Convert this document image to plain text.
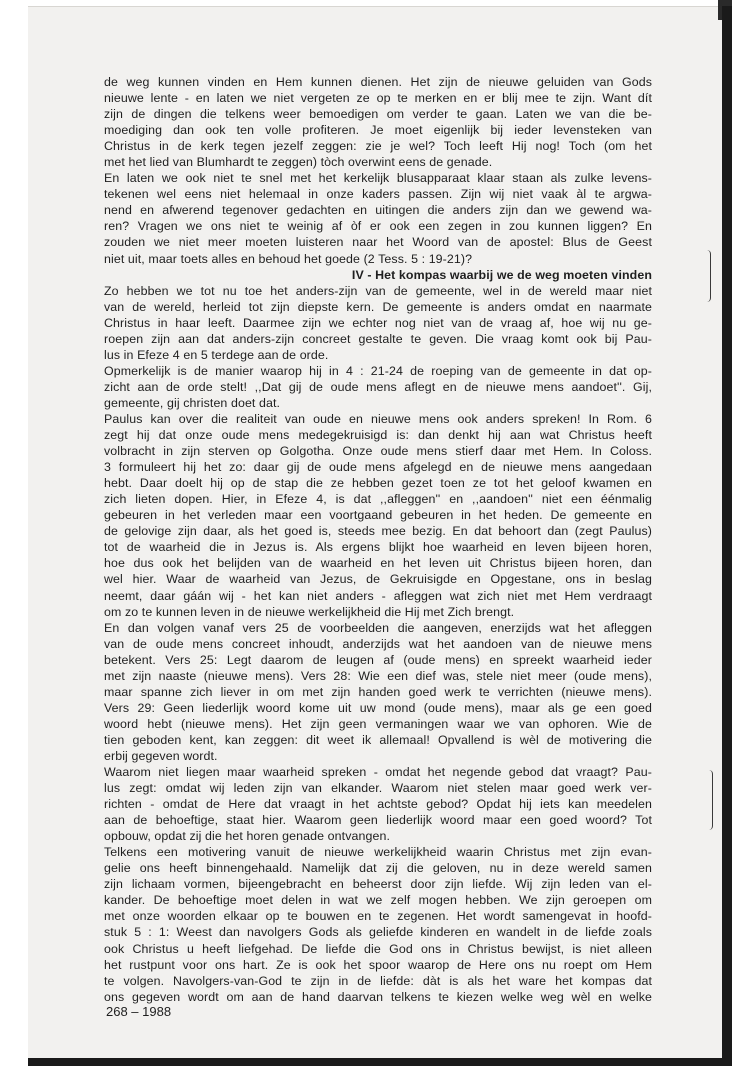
de weg kunnen vinden en Hem kunnen dienen. Het zijn de nieuwe geluiden van Gods
nieuwe lente - en laten we niet vergeten ze op te merken en er blij mee te zijn. Want dít
zijn de dingen die telkens weer bemoedigen om verder te gaan. Laten we van die be-
moediging dan ook ten volle profiteren. Je moet eigenlijk bij ieder levensteken van
Christus in de kerk tegen jezelf zeggen: zie je wel? Toch leeft Hij nog! Toch (om het
met het lied van Blumhardt te zeggen) tòch overwint eens de genade.
En laten we ook niet te snel met het kerkelijk blusapparaat klaar staan als zulke levens-
tekenen wel eens niet helemaal in onze kaders passen. Zijn wij niet vaak àl te argwa-
nend en afwerend tegenover gedachten en uitingen die anders zijn dan we gewend wa-
ren? Vragen we ons niet te weinig af òf er ook een zegen in zou kunnen liggen? En
zouden we niet meer moeten luisteren naar het Woord van de apostel: Blus de Geest
niet uit, maar toets alles en behoud het goede (2 Tess. 5 : 19-21)?
IV - Het kompas waarbij we de weg moeten vinden
Zo hebben we tot nu toe het anders-zijn van de gemeente, wel in de wereld maar niet
van de wereld, herleid tot zijn diepste kern. De gemeente is anders omdat en naarmate
Christus in haar leeft. Daarmee zijn we echter nog niet van de vraag af, hoe wij nu ge-
roepen zijn aan dat anders-zijn concreet gestalte te geven. Die vraag komt ook bij Pau-
lus in Efeze 4 en 5 terdege aan de orde.
Opmerkelijk is de manier waarop hij in 4 : 21-24 de roeping van de gemeente in dat op-
zicht aan de orde stelt! ,,Dat gij de oude mens aflegt en de nieuwe mens aandoet''. Gij,
gemeente, gij christen doet dat.
Paulus kan over die realiteit van oude en nieuwe mens ook anders spreken! In Rom. 6
zegt hij dat onze oude mens medegekruisigd is: dan denkt hij aan wat Christus heeft
volbracht in zijn sterven op Golgotha. Onze oude mens stierf daar met Hem. In Coloss.
3 formuleert hij het zo: daar gij de oude mens afgelegd en de nieuwe mens aangedaan
hebt. Daar doelt hij op de stap die ze hebben gezet toen ze tot het geloof kwamen en
zich lieten dopen. Hier, in Efeze 4, is dat ,,afleggen'' en ,,aandoen'' niet een éénmalig
gebeuren in het verleden maar een voortgaand gebeuren in het heden. De gemeente en
de gelovige zijn daar, als het goed is, steeds mee bezig. En dat behoort dan (zegt Paulus)
tot de waarheid die in Jezus is. Als ergens blijkt hoe waarheid en leven bijeen horen,
hoe dus ook het belijden van de waarheid en het leven uit Christus bijeen horen, dan
wel hier. Waar de waarheid van Jezus, de Gekruisigde en Opgestane, ons in beslag
neemt, daar gáán wij - het kan niet anders - afleggen wat zich niet met Hem verdraagt
om zo te kunnen leven in de nieuwe werkelijkheid die Hij met Zich brengt.
En dan volgen vanaf vers 25 de voorbeelden die aangeven, enerzijds wat het afleggen
van de oude mens concreet inhoudt, anderzijds wat het aandoen van de nieuwe mens
betekent. Vers 25: Legt daarom de leugen af (oude mens) en spreekt waarheid ieder
met zijn naaste (nieuwe mens). Vers 28: Wie een dief was, stele niet meer (oude mens),
maar spanne zich liever in om met zijn handen goed werk te verrichten (nieuwe mens).
Vers 29: Geen liederlijk woord kome uit uw mond (oude mens), maar als ge een goed
woord hebt (nieuwe mens). Het zijn geen vermaningen waar we van ophoren. Wie de
tien geboden kent, kan zeggen: dit weet ik allemaal! Opvallend is wèl de motivering die
erbij gegeven wordt.
Waarom niet liegen maar waarheid spreken - omdat het negende gebod dat vraagt? Pau-
lus zegt: omdat wij leden zijn van elkander. Waarom niet stelen maar goed werk ver-
richten - omdat de Here dat vraagt in het achtste gebod? Opdat hij iets kan meedelen
aan de behoeftige, staat hier. Waarom geen liederlijk woord maar een goed woord? Tot
opbouw, opdat zij die het horen genade ontvangen.
Telkens een motivering vanuit de nieuwe werkelijkheid waarin Christus met zijn evan-
gelie ons heeft binnengehaald. Namelijk dat zij die geloven, nu in deze wereld samen
zijn lichaam vormen, bijeengebracht en beheerst door zijn liefde. Wij zijn leden van el-
kander. De behoeftige moet delen in wat we zelf mogen hebben. We zijn geroepen om
met onze woorden elkaar op te bouwen en te zegenen. Het wordt samengevat in hoofd-
stuk 5 : 1: Weest dan navolgers Gods als geliefde kinderen en wandelt in de liefde zoals
ook Christus u heeft liefgehad. De liefde die God ons in Christus bewijst, is niet alleen
het rustpunt voor ons hart. Ze is ook het spoor waarop de Here ons nu roept om Hem
te volgen. Navolgers-van-God te zijn in de liefde: dàt is als het ware het kompas dat
ons gegeven wordt om aan de hand daarvan telkens te kiezen welke weg wèl en welke
268 – 1988
